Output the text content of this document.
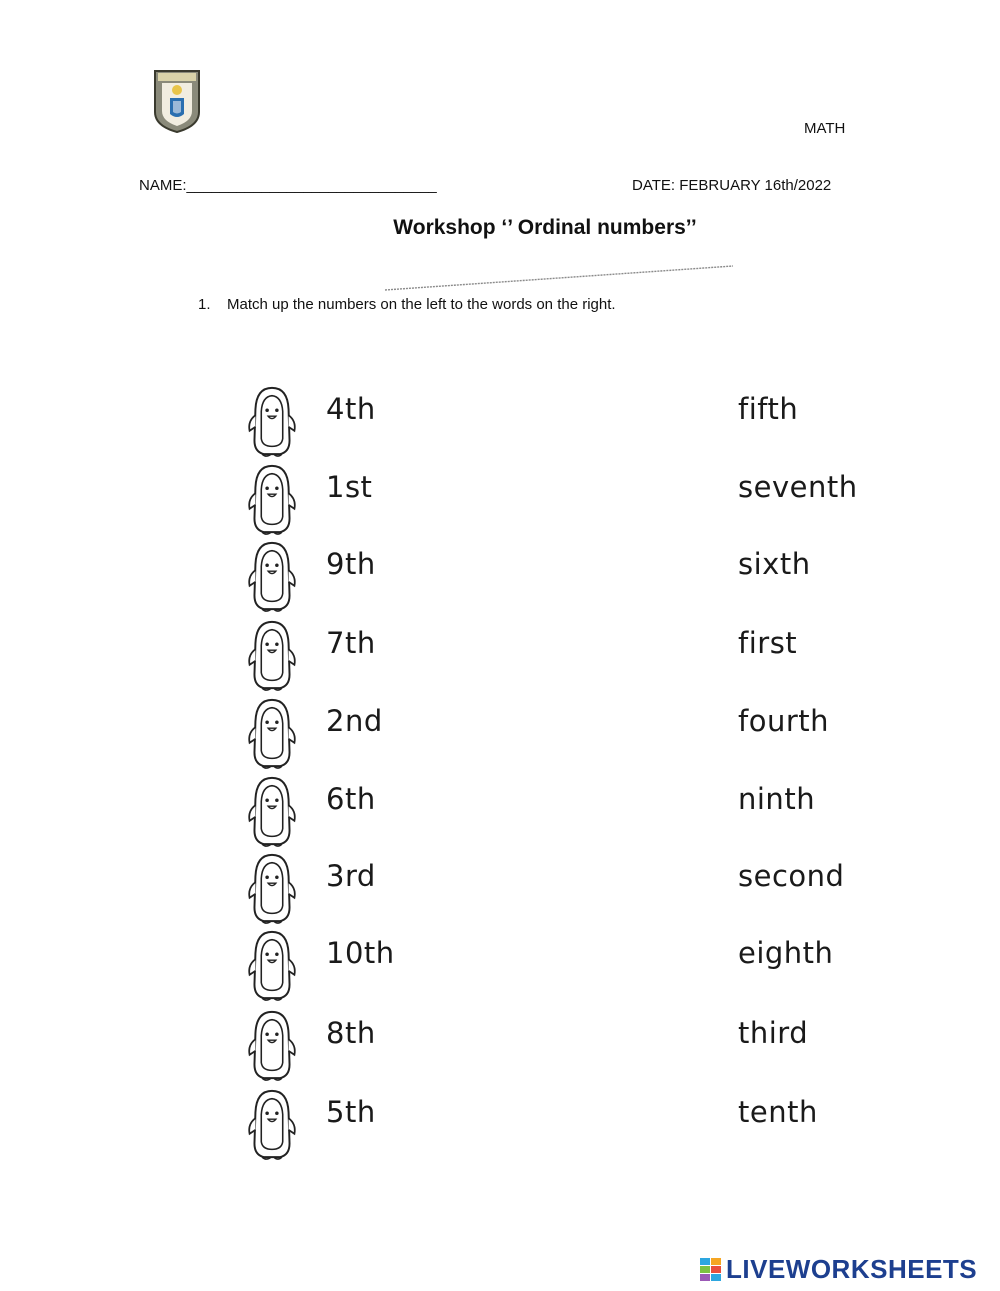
MATH
NAME:______________________________	DATE: FEBRUARY 16th/2022
Workshop ‘’ Ordinal numbers’’
1. Match up the numbers on the left to the words on the right.
4th	fifth
1st	seventh
9th	sixth
7th	first
2nd	fourth
6th	ninth
3rd	second
10th	eighth
8th	third
5th	tenth
LIVEWORKSHEETS
